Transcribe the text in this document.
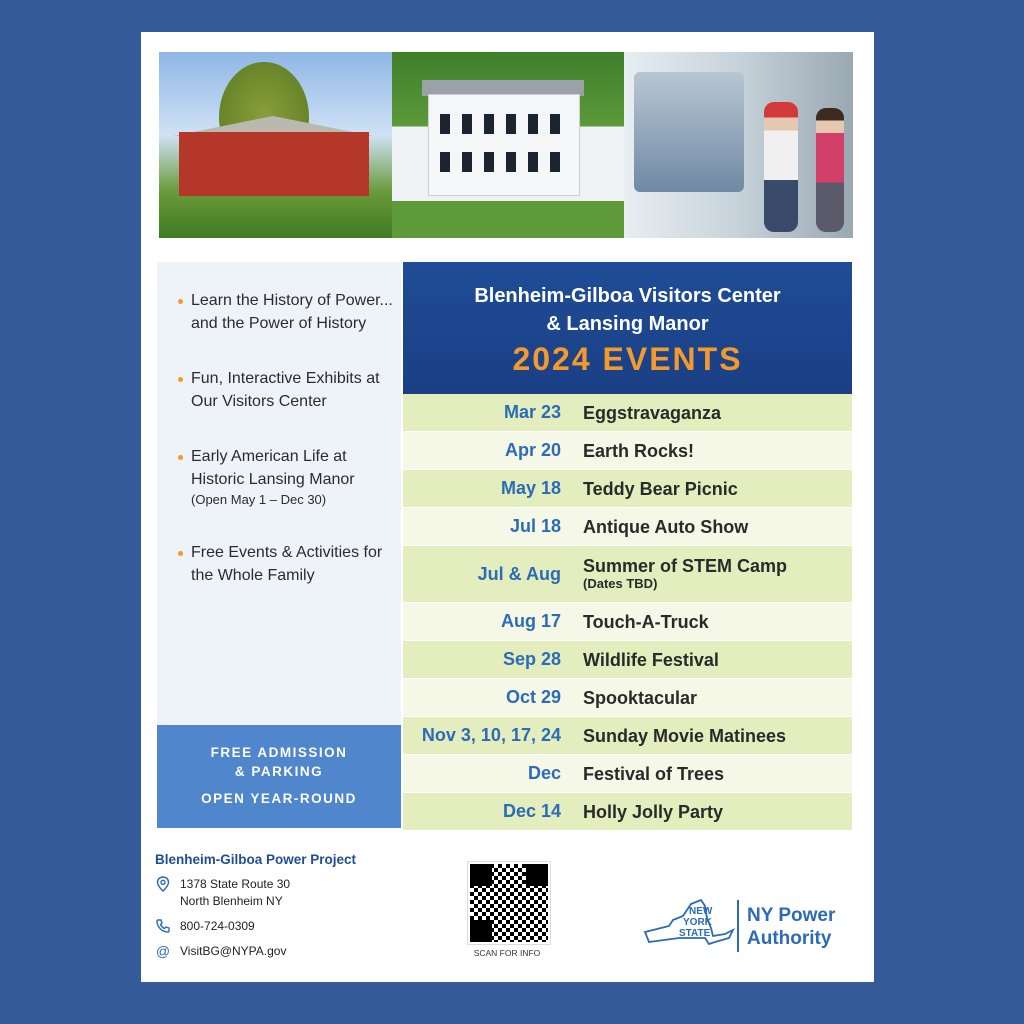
Learn the History of Power... and the Power of History
Fun, Interactive Exhibits at Our Visitors Center
Early American Life at Historic Lansing Manor
(Open May 1 – Dec 30)
Free Events & Activities for the Whole Family
FREE ADMISSION
& PARKING
OPEN YEAR-ROUND
Blenheim-Gilboa Visitors Center
& Lansing Manor
2024 EVENTS
Mar 23	Eggstravaganza
Apr 20	Earth Rocks!
May 18	Teddy Bear Picnic
Jul 18	Antique Auto Show
Jul & Aug	Summer of STEM Camp
(Dates TBD)
Aug 17	Touch-A-Truck
Sep 28	Wildlife Festival
Oct 29	Spooktacular
Nov 3, 10, 17, 24	Sunday Movie Matinees
Dec	Festival of Trees
Dec 14	Holly Jolly Party
Blenheim-Gilboa Power Project
1378 State Route 30
North Blenheim NY
800-724-0309
@ VisitBG@NYPA.gov	SCAN FOR INFO
NEW
YORK
STATE
NY Power
Authority
